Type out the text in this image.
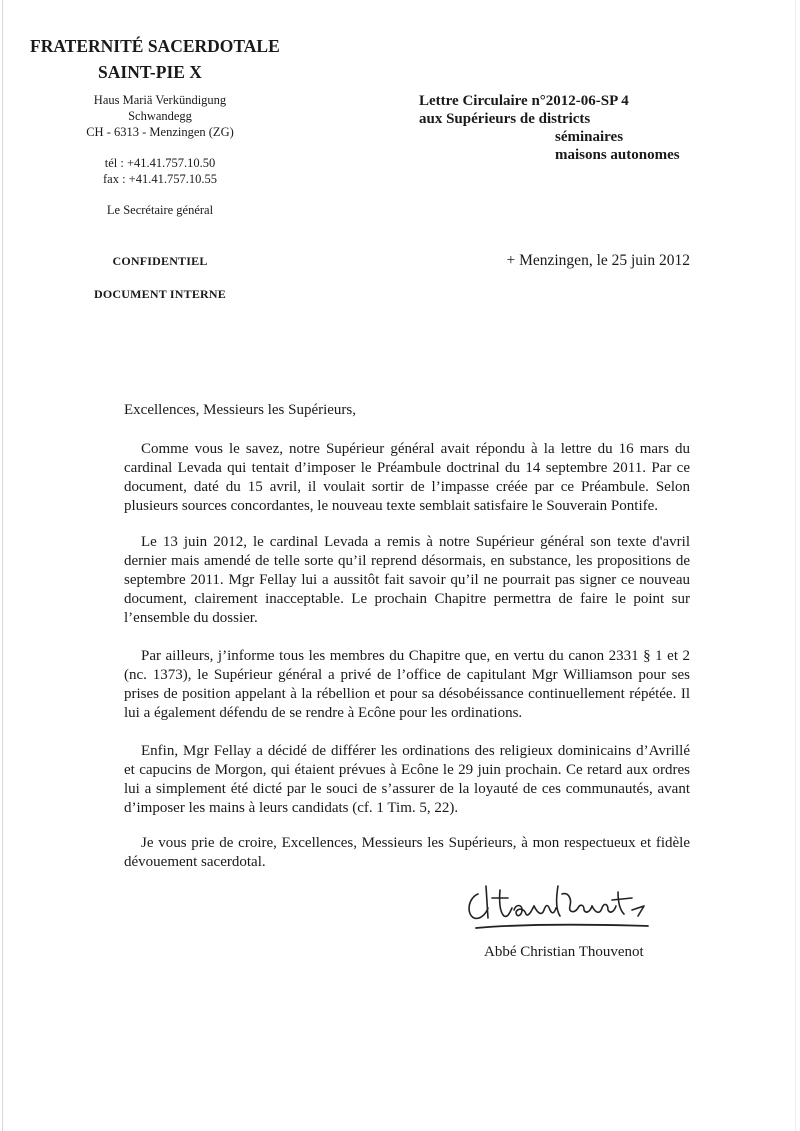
FRATERNITÉ SACERDOTALE
SAINT-PIE X
Haus Mariä Verkündigung
Schwandegg
CH - 6313 - Menzingen (ZG)
tél : +41.41.757.10.50
fax : +41.41.757.10.55
Le Secrétaire général
CONFIDENTIEL
DOCUMENT INTERNE
Lettre Circulaire n°2012-06-SP 4
aux Supérieurs de districts
séminaires
maisons autonomes
+ Menzingen, le 25 juin 2012
Excellences, Messieurs les Supérieurs,

Comme vous le savez, notre Supérieur général avait répondu à la lettre du 16 mars du cardinal Levada qui tentait d’imposer le Préambule doctrinal du 14 septembre 2011. Par ce document, daté du 15 avril, il voulait sortir de l’impasse créée par ce Préambule. Selon plusieurs sources concordantes, le nouveau texte semblait satisfaire le Souverain Pontife.

Le 13 juin 2012, le cardinal Levada a remis à notre Supérieur général son texte d'avril dernier mais amendé de telle sorte qu’il reprend désormais, en substance, les propositions de septembre 2011. Mgr Fellay lui a aussitôt fait savoir qu’il ne pourrait pas signer ce nouveau document, clairement inacceptable. Le prochain Chapitre permettra de faire le point sur l’ensemble du dossier.

Par ailleurs, j’informe tous les membres du Chapitre que, en vertu du canon 2331 § 1 et 2 (nc. 1373), le Supérieur général a privé de l’office de capitulant Mgr Williamson pour ses prises de position appelant à la rébellion et pour sa désobéissance continuellement répétée. Il lui a également défendu de se rendre à Ecône pour les ordinations.

Enfin, Mgr Fellay a décidé de différer les ordinations des religieux dominicains d’Avrillé et capucins de Morgon, qui étaient prévues à Ecône le 29 juin prochain. Ce retard aux ordres lui a simplement été dicté par le souci de s’assurer de la loyauté de ces communautés, avant d’imposer les mains à leurs candidats (cf. 1 Tim. 5, 22).

Je vous prie de croire, Excellences, Messieurs les Supérieurs, à mon respectueux et fidèle dévouement sacerdotal.

Abbé Christian Thouvenot
